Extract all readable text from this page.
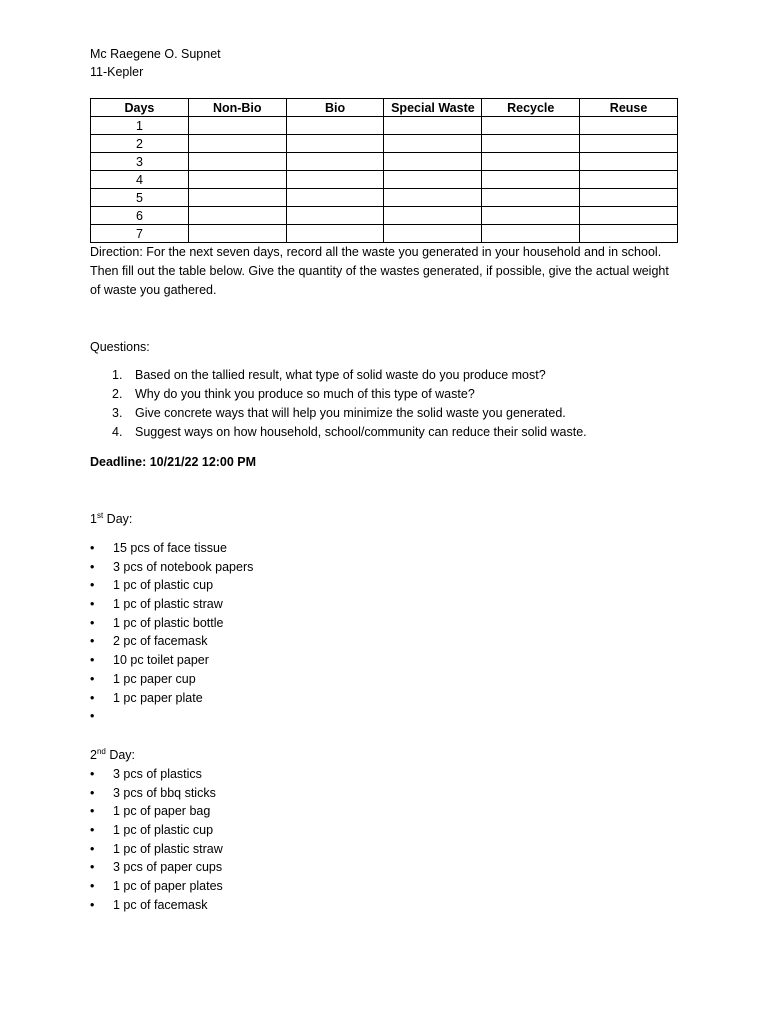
Mc Raegene O. Supnet
11-Kepler
Days	Non-Bio	Bio	Special Waste	Recycle	Reuse
1					
2					
3					
4					
5					
6					
7					
Direction: For the next seven days, record all the waste you generated in your household and in school. Then fill out the table below. Give the quantity of the wastes generated, if possible, give the actual weight of waste you gathered.
Questions:
1. Based on the tallied result, what type of solid waste do you produce most?
2. Why do you think you produce so much of this type of waste?
3. Give concrete ways that will help you minimize the solid waste you generated.
4. Suggest ways on how household, school/community can reduce their solid waste.
Deadline: 10/21/22 12:00 PM
1st Day:
• 15 pcs of face tissue
• 3 pcs of notebook papers
• 1 pc of plastic cup
• 1 pc of plastic straw
• 1 pc of plastic bottle
• 2 pc of facemask
• 10 pc toilet paper
• 1 pc paper cup
• 1 pc paper plate
•
2nd Day:
• 3 pcs of plastics
• 3 pcs of bbq sticks
• 1 pc of paper bag
• 1 pc of plastic cup
• 1 pc of plastic straw
• 3 pcs of paper cups
• 1 pc of paper plates
• 1 pc of facemask
